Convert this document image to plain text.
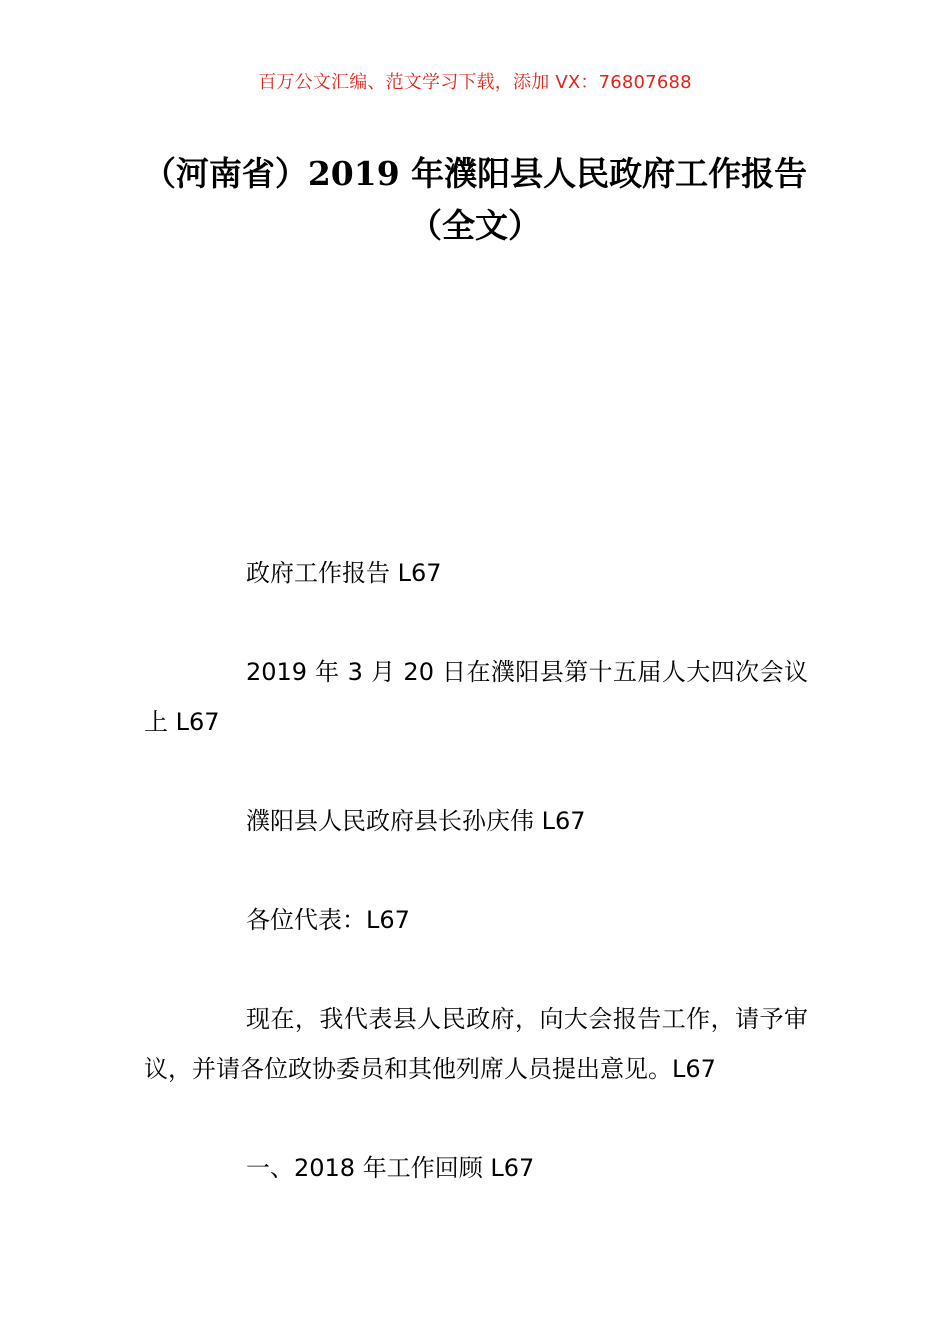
百万公文汇编、范文学习下载，添加 VX：76807688
（河南省）2019 年濮阳县人民政府工作报告（全文）

政府工作报告 L67

2019 年 3 月 20 日在濮阳县第十五届人大四次会议上 L67

濮阳县人民政府县长孙庆伟 L67

各位代表：L67

现在，我代表县人民政府，向大会报告工作，请予审议，并请各位政协委员和其他列席人员提出意见。L67

一、2018 年工作回顾 L67
